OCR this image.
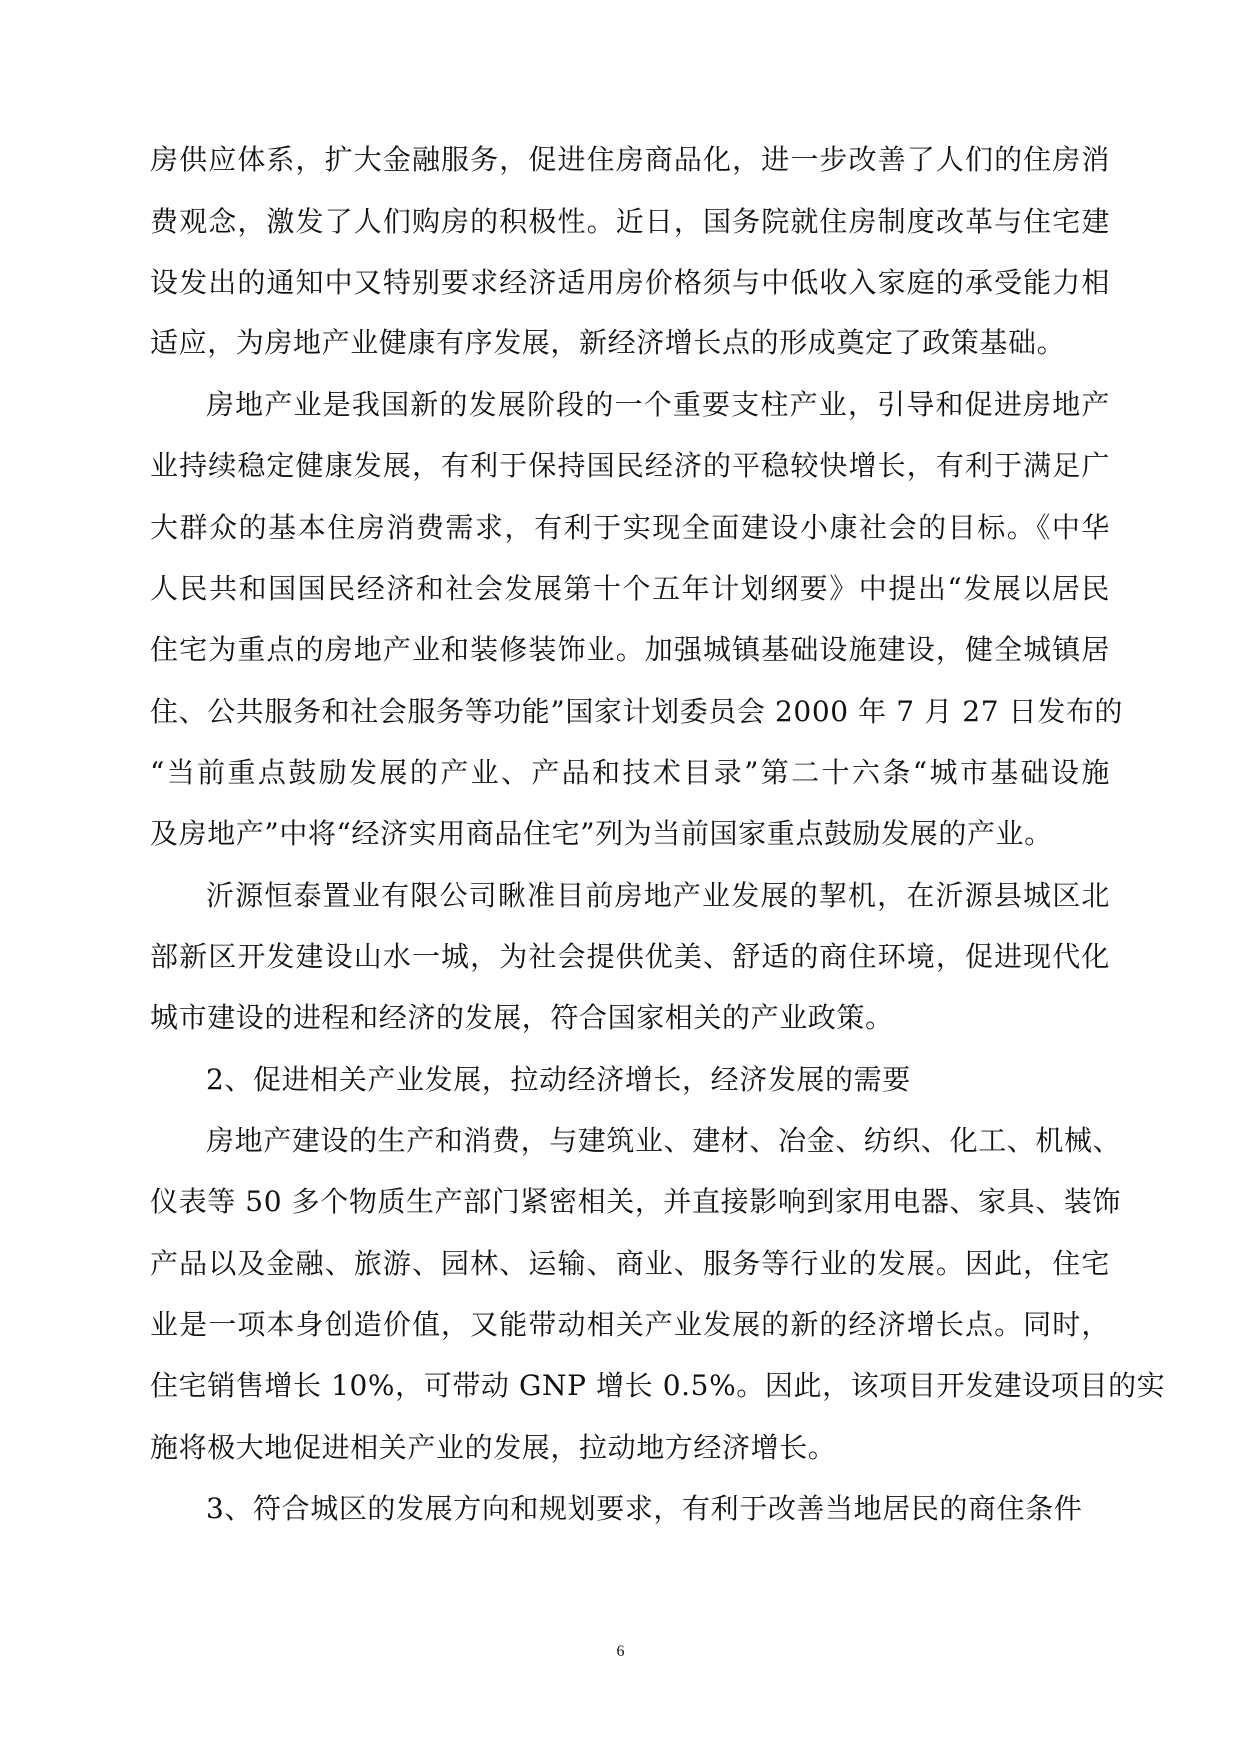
房供应体系，扩大金融服务，促进住房商品化，进一步改善了人们的住房消
费观念，激发了人们购房的积极性。近日，国务院就住房制度改革与住宅建
设发出的通知中又特别要求经济适用房价格须与中低收入家庭的承受能力相
适应，为房地产业健康有序发展，新经济增长点的形成奠定了政策基础。
房地产业是我国新的发展阶段的一个重要支柱产业，引导和促进房地产
业持续稳定健康发展，有利于保持国民经济的平稳较快增长，有利于满足广
大群众的基本住房消费需求，有利于实现全面建设小康社会的目标。《中华
人民共和国国民经济和社会发展第十个五年计划纲要》中提出“发展以居民
住宅为重点的房地产业和装修装饰业。加强城镇基础设施建设，健全城镇居
住、公共服务和社会服务等功能”国家计划委员会 2000 年 7 月 27 日发布的
“当前重点鼓励发展的产业、产品和技术目录”第二十六条“城市基础设施
及房地产”中将“经济实用商品住宅”列为当前国家重点鼓励发展的产业。
沂源恒泰置业有限公司瞅准目前房地产业发展的挈机，在沂源县城区北
部新区开发建设山水一城，为社会提供优美、舒适的商住环境，促进现代化
城市建设的进程和经济的发展，符合国家相关的产业政策。
2、促进相关产业发展，拉动经济增长，经济发展的需要
房地产建设的生产和消费，与建筑业、建材、冶金、纺织、化工、机械、
仪表等 50 多个物质生产部门紧密相关，并直接影响到家用电器、家具、装饰
产品以及金融、旅游、园林、运输、商业、服务等行业的发展。因此，住宅
业是一项本身创造价值，又能带动相关产业发展的新的经济增长点。同时，
住宅销售增长 10%，可带动 GNP 增长 0.5%。因此，该项目开发建设项目的实
施将极大地促进相关产业的发展，拉动地方经济增长。
3、符合城区的发展方向和规划要求，有利于改善当地居民的商住条件
6
